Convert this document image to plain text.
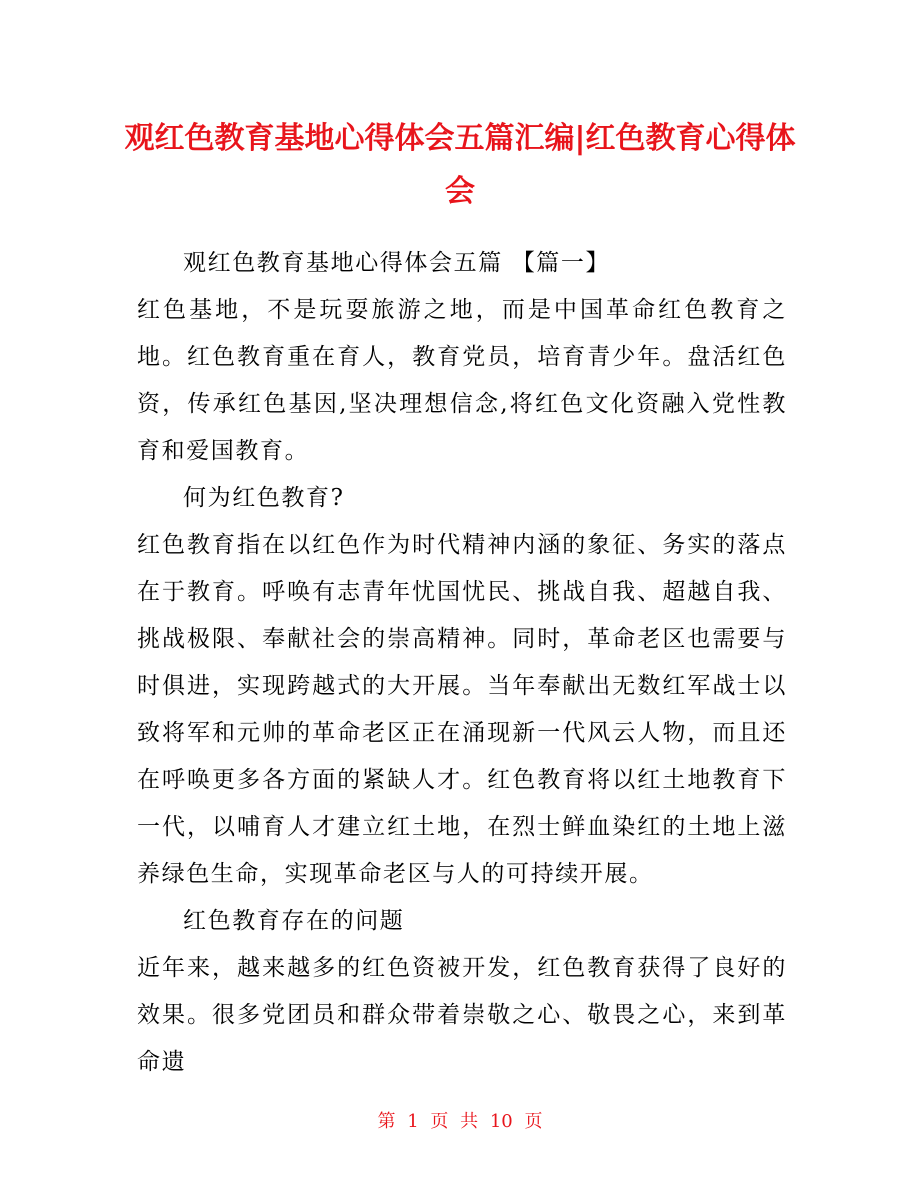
观红色教育基地心得体会五篇汇编|红色教育心得体会

观红色教育基地心得体会五篇 【篇一】

红色基地，不是玩耍旅游之地，而是中国革命红色教育之地。红色教育重在育人，教育党员，培育青少年。盘活红色资，传承红色基因,坚决理想信念,将红色文化资融入党性教育和爱国教育。

何为红色教育?

红色教育指在以红色作为时代精神内涵的象征、务实的落点在于教育。呼唤有志青年忧国忧民、挑战自我、超越自我、挑战极限、奉献社会的崇高精神。同时，革命老区也需要与时俱进，实现跨越式的大开展。当年奉献出无数红军战士以致将军和元帅的革命老区正在涌现新一代风云人物，而且还在呼唤更多各方面的紧缺人才。红色教育将以红土地教育下一代，以哺育人才建立红土地，在烈士鲜血染红的土地上滋养绿色生命，实现革命老区与人的可持续开展。

红色教育存在的问题

近年来，越来越多的红色资被开发，红色教育获得了良好的效果。很多党团员和群众带着崇敬之心、敬畏之心，来到革命遗

第 1 页 共 10 页
